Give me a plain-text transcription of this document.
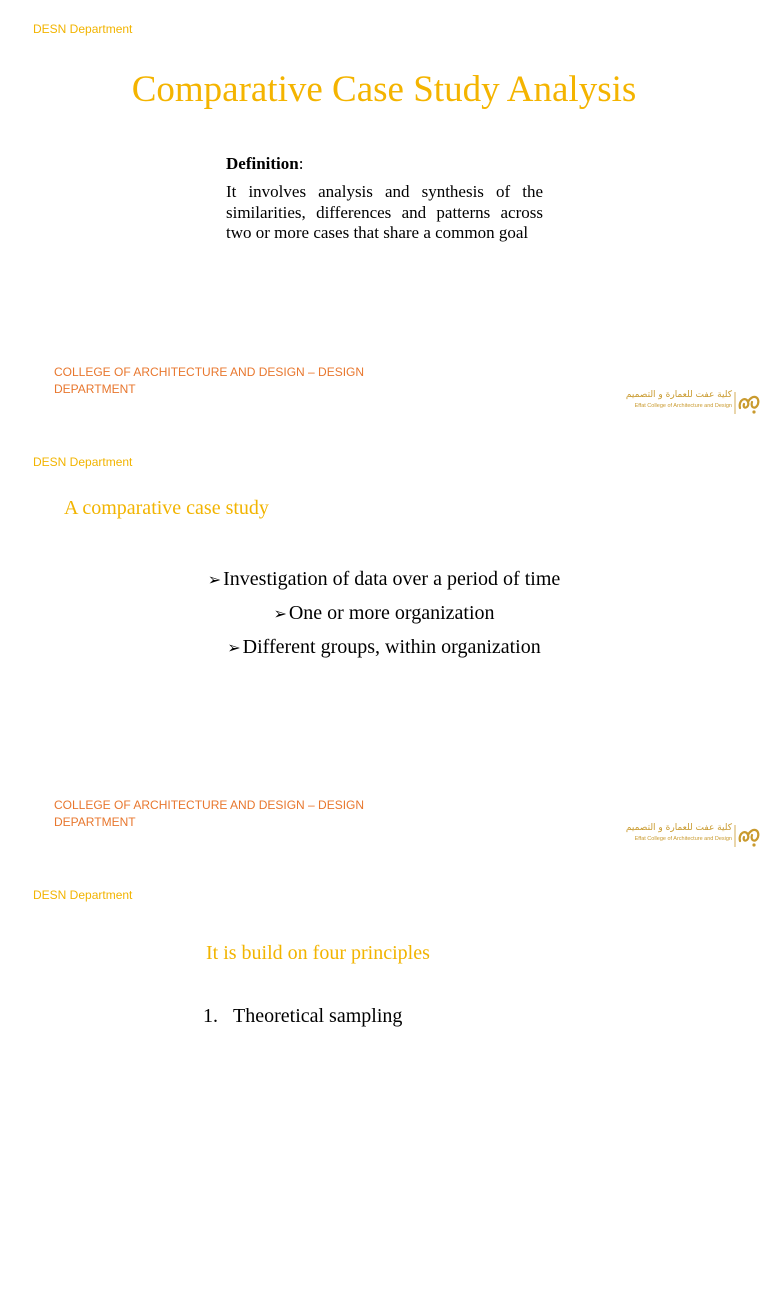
DESN Department
Comparative Case Study Analysis
Definition:
It involves analysis and synthesis of the similarities, differences and patterns across two or more cases that share a common goal
COLLEGE OF ARCHITECTURE AND DESIGN – DESIGN
DEPARTMENT	كلية عفت للعمارة و التصميم
Effat College of Architecture and Design
DESN Department
A comparative case study
➢ Investigation of data over a period of time
➢ One or more organization
➢ Different groups, within organization
COLLEGE OF ARCHITECTURE AND DESIGN – DESIGN
DEPARTMENT	كلية عفت للعمارة و التصميم
Effat College of Architecture and Design
DESN Department
It is build on four principles
1. Theoretical sampling
